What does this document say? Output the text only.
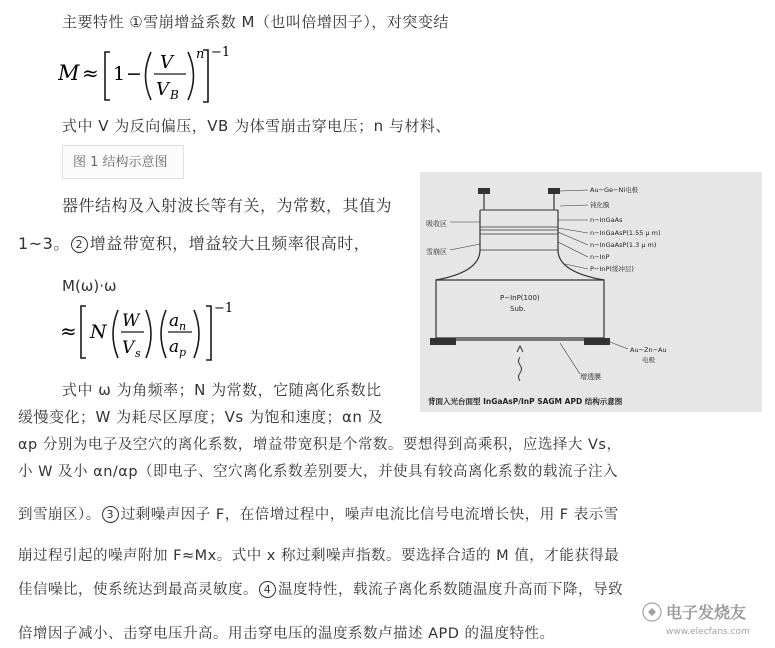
主要特性 ①雪崩增益系数 M（也叫倍增因子），对突变结
M ≈ 1 −
V
V B
n −1
式中 V 为反向偏压，VB 为体雪崩击穿电压；n 与材料、
图 1 结构示意图
器件结构及入射波长等有关，为常数，其值为
1~3。 2 增益带宽积，增益较大且频率很高时，
M(ω)·ω
≈ N W
V s
a n
a p
−1
式中 ω 为角频率；N 为常数，它随离化系数比
缓慢变化；W 为耗尽区厚度；Vs 为饱和速度；αn 及
αp 分别为电子及空穴的离化系数，增益带宽积是个常数。要想得到高乘积，应选择大 Vs，
小 W 及小 αn/αp（即电子、空穴离化系数差别要大，并使具有较高离化系数的载流子注入
到雪崩区）。 3 过剩噪声因子 F，在倍增过程中，噪声电流比信号电流增长快，用 F 表示雪
崩过程引起的噪声附加 F≈Mx。式中 x 称过剩噪声指数。要选择合适的 M 值，才能获得最
佳信噪比，使系统达到最高灵敏度。 4 温度特性，载流子离化系数随温度升高而下降，导致
倍增因子减小、击穿电压升高。用击穿电压的温度系数卢描述 APD 的温度特性。
吸收区
雪崩区
Au−Ge−Ni电极
钝化膜
n−InGaAs
n−InGaAsP(1.55 μ m)
n−InGaAsP(1.3 μ m)
n−InP
P−InP(缓冲层)
P−InP(100)
Sub.
Au−Zn−Au
电极
增透膜
背面入光台面型 InGaAsP/InP SAGM APD 结构示意图
电子发烧友
www.elecfans.com
